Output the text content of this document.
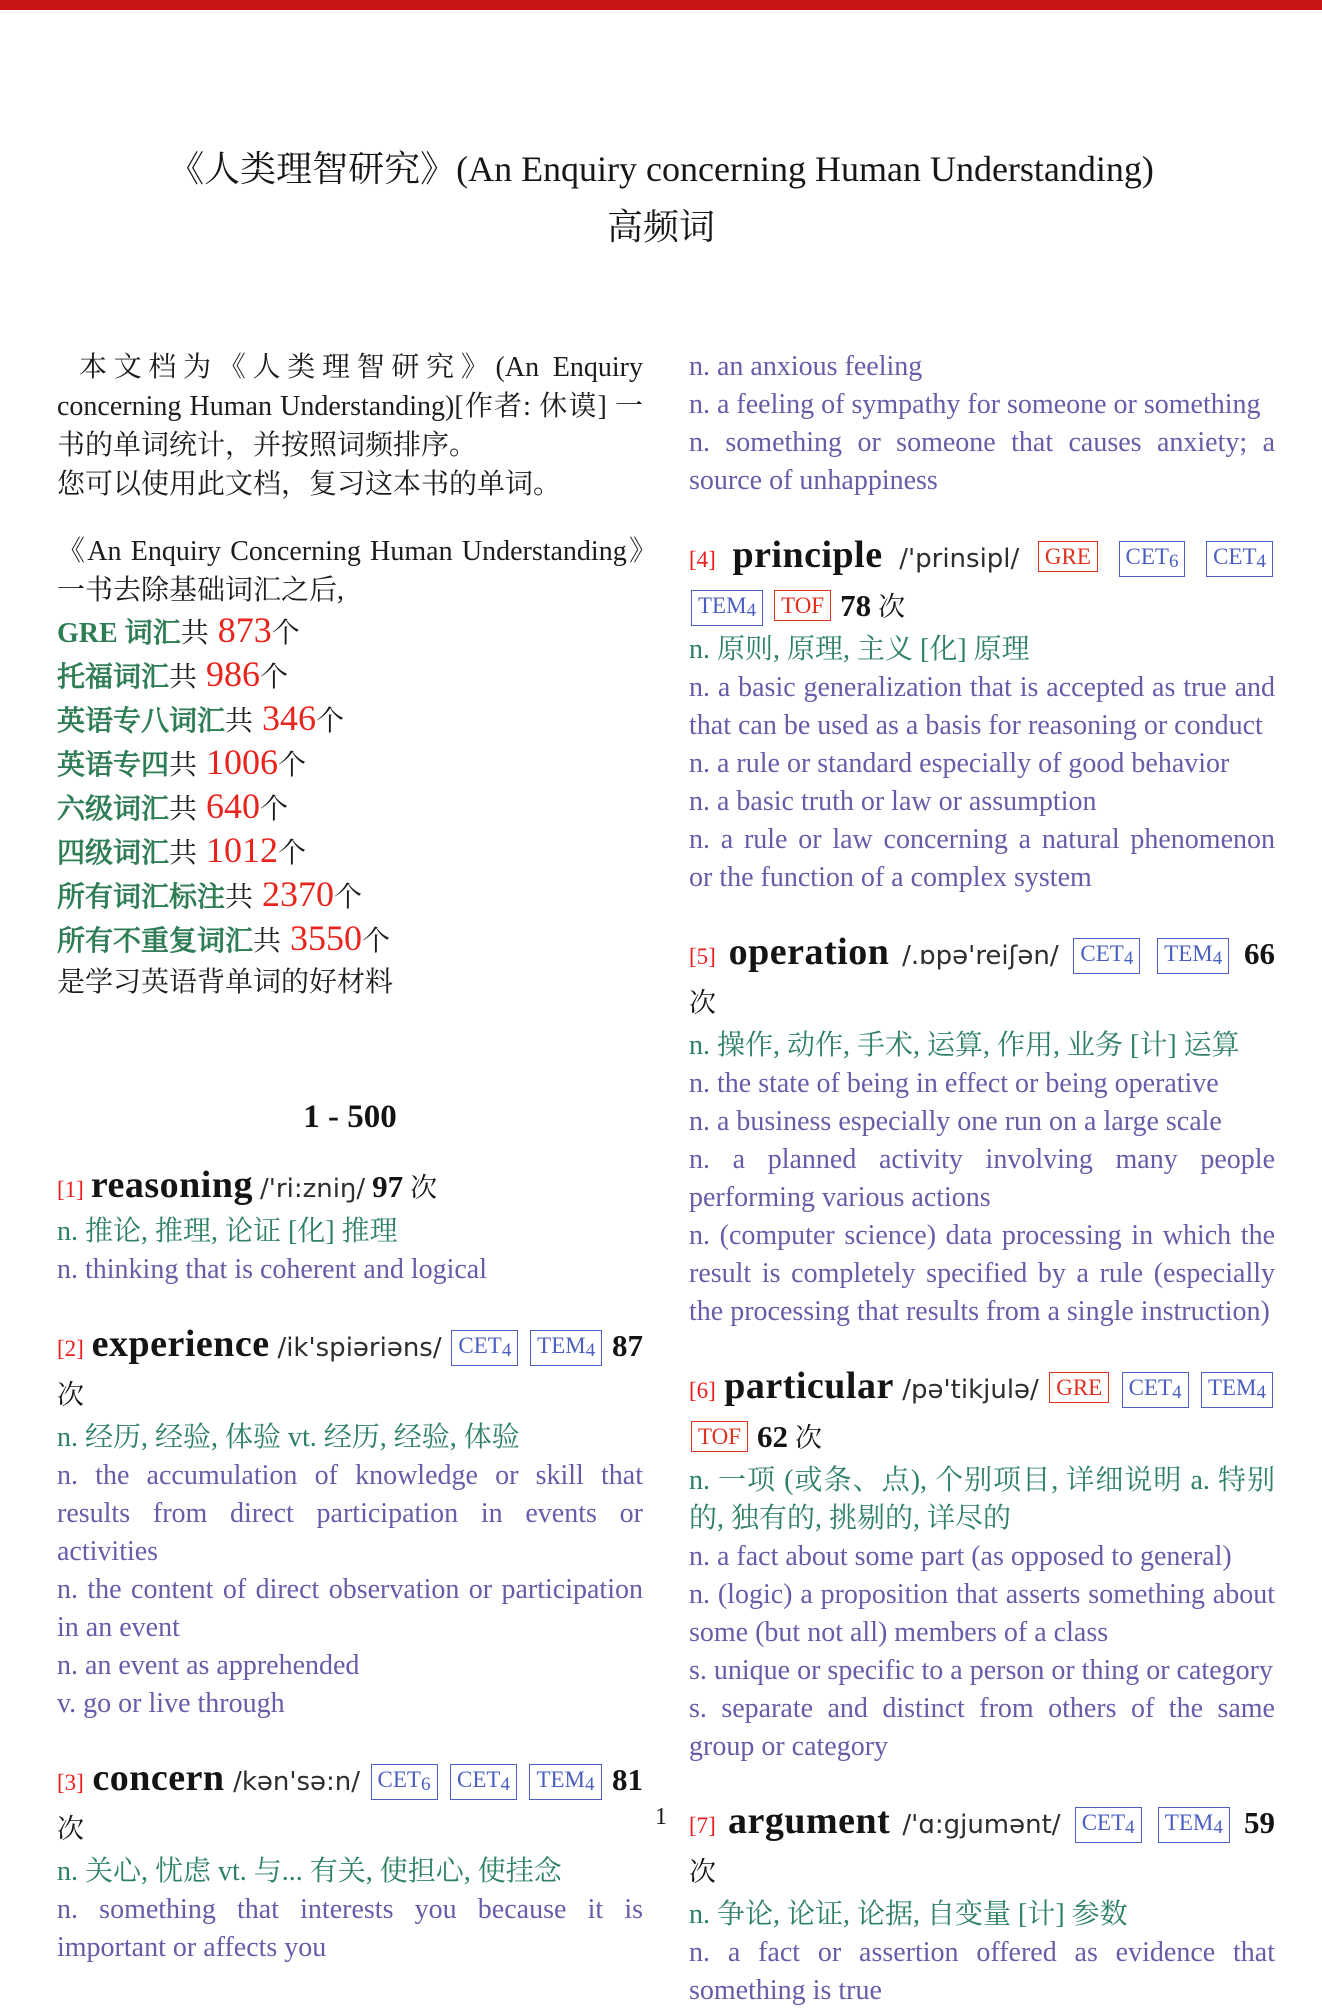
《人类理智研究》(An Enquiry concerning Human Understanding)
高频词

本文档为《人类理智研究》(An Enquiry concerning Human Understanding)[作者: 休谟] 一书的单词统计，并按照词频排序。

您可以使用此文档，复习这本书的单词。

《An Enquiry Concerning Human Understanding》一书去除基础词汇之后,

GRE 词汇共 873个

托福词汇共 986个

英语专八词汇共 346个

英语专四共 1006个

六级词汇共 640个

四级词汇共 1012个

所有词汇标注共 2370个

所有不重复词汇共 3550个

是学习英语背单词的好材料

1 - 500

[1] reasoning /'ri:zniŋ/ 97 次

n. 推论, 推理, 论证 [化] 推理

n. thinking that is coherent and logical

[2] experience /ik'spiəriəns/ CET4 TEM4 87 次

n. 经历, 经验, 体验 vt. 经历, 经验, 体验

n. the accumulation of knowledge or skill that results from direct participation in events or activities

n. the content of direct observation or participation in an event

n. an event as apprehended

v. go or live through

[3] concern /kən'sə:n/ CET6 CET4 TEM4 81 次

n. 关心, 忧虑 vt. 与... 有关, 使担心, 使挂念

n. something that interests you because it is important or affects you

n. an anxious feeling

n. a feeling of sympathy for someone or something

n. something or someone that causes anxiety; a source of unhappiness

[4] principle /'prinsipl/ GRE CET6 CET4 TEM4 TOF 78 次

n. 原则, 原理, 主义 [化] 原理

n. a basic generalization that is accepted as true and that can be used as a basis for reasoning or conduct

n. a rule or standard especially of good behavior

n. a basic truth or law or assumption

n. a rule or law concerning a natural phenomenon or the function of a complex system

[5] operation /.ɒpə'reiʃən/ CET4 TEM4 66 次

n. 操作, 动作, 手术, 运算, 作用, 业务 [计] 运算

n. the state of being in effect or being operative

n. a business especially one run on a large scale

n. a planned activity involving many people performing various actions

n. (computer science) data processing in which the result is completely specified by a rule (especially the processing that results from a single instruction)

[6] particular /pə'tikjulə/ GRE CET4 TEM4 TOF 62 次

n. 一项 (或条、点), 个别项目, 详细说明 a. 特别的, 独有的, 挑剔的, 详尽的

n. a fact about some part (as opposed to general)

n. (logic) a proposition that asserts something about some (but not all) members of a class

s. unique or specific to a person or thing or category

s. separate and distinct from others of the same group or category

[7] argument /'ɑ:gjumənt/ CET4 TEM4 59 次

n. 争论, 论证, 论据, 自变量 [计] 参数

n. a fact or assertion offered as evidence that something is true

1
